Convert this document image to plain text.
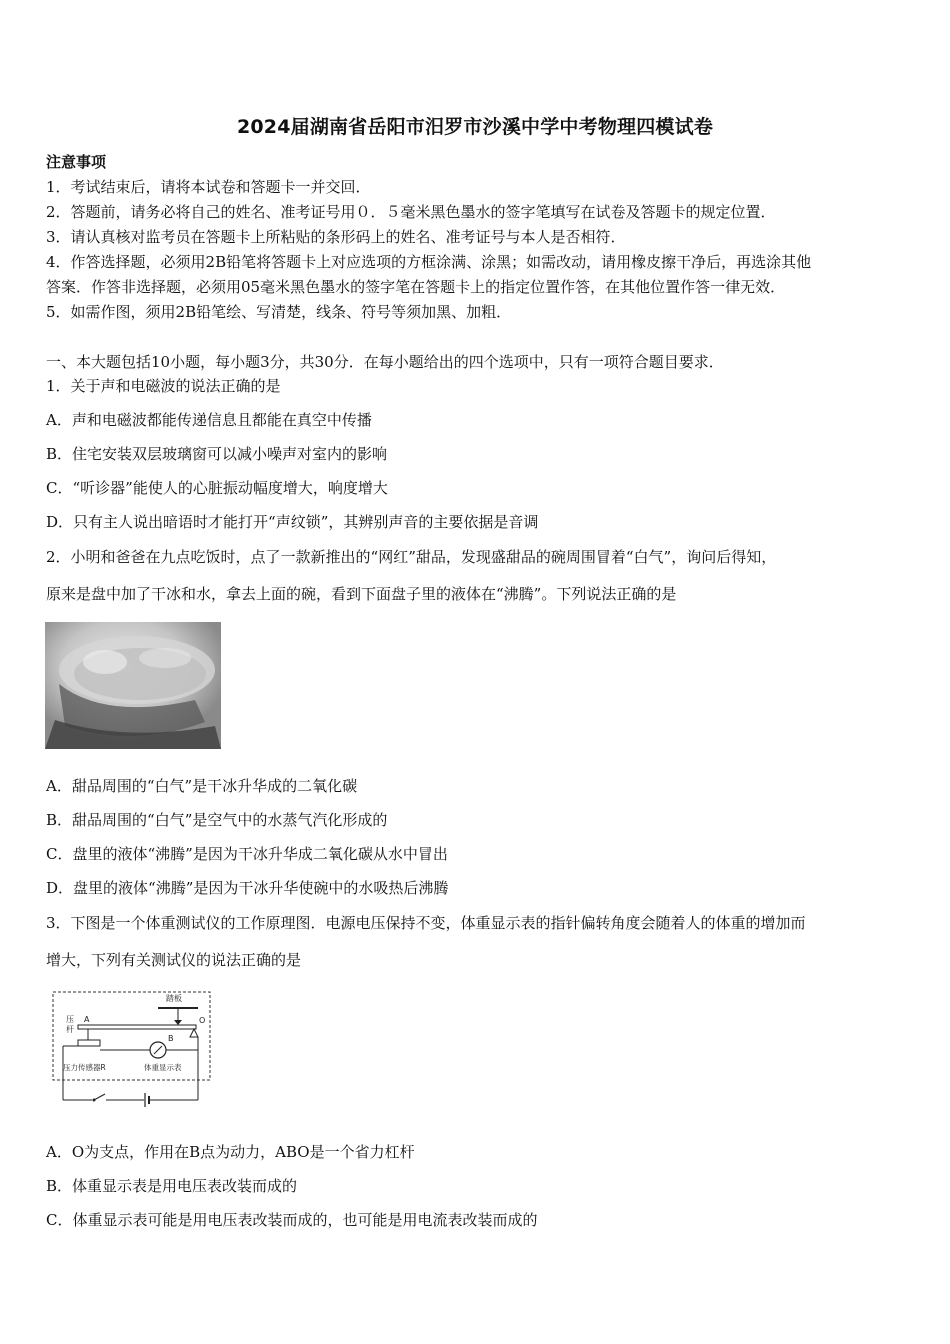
2024届湖南省岳阳市汨罗市沙溪中学中考物理四模试卷
注意事项
1．考试结束后，请将本试卷和答题卡一并交回．
2．答题前，请务必将自己的姓名、准考证号用０．５毫米黑色墨水的签字笔填写在试卷及答题卡的规定位置．
3．请认真核对监考员在答题卡上所粘贴的条形码上的姓名、准考证号与本人是否相符．
4．作答选择题，必须用2B铅笔将答题卡上对应选项的方框涂满、涂黑；如需改动，请用橡皮擦干净后，再选涂其他
答案．作答非选择题，必须用05毫米黑色墨水的签字笔在答题卡上的指定位置作答，在其他位置作答一律无效．
5．如需作图，须用2B铅笔绘、写清楚，线条、符号等须加黑、加粗．
一、本大题包括10小题，每小题3分，共30分．在每小题给出的四个选项中，只有一项符合题目要求．
1．关于声和电磁波的说法正确的是
A．声和电磁波都能传递信息且都能在真空中传播
B．住宅安装双层玻璃窗可以减小噪声对室内的影响
C．“听诊器”能使人的心脏振动幅度增大，响度增大
D．只有主人说出暗语时才能打开“声纹锁”，其辨别声音的主要依据是音调
2．小明和爸爸在九点吃饭时，点了一款新推出的“网红”甜品，发现盛甜品的碗周围冒着“白气”，询问后得知，
原来是盘中加了干冰和水，拿去上面的碗，看到下面盘子里的液体在“沸腾”。下列说法正确的是
A．甜品周围的“白气”是干冰升华成的二氧化碳
B．甜品周围的“白气”是空气中的水蒸气汽化形成的
C．盘里的液体“沸腾”是因为干冰升华成二氧化碳从水中冒出
D．盘里的液体“沸腾”是因为干冰升华使碗中的水吸热后沸腾
3．下图是一个体重测试仪的工作原理图．电源电压保持不变，体重显示表的指针偏转角度会随着人的体重的增加而
增大，下列有关测试仪的说法正确的是
踏板
压
杆
A	O
B
压力传感器R	体重显示表
A．O为支点，作用在B点为动力，ABO是一个省力杠杆
B．体重显示表是用电压表改装而成的
C．体重显示表可能是用电压表改装而成的，也可能是用电流表改装而成的
